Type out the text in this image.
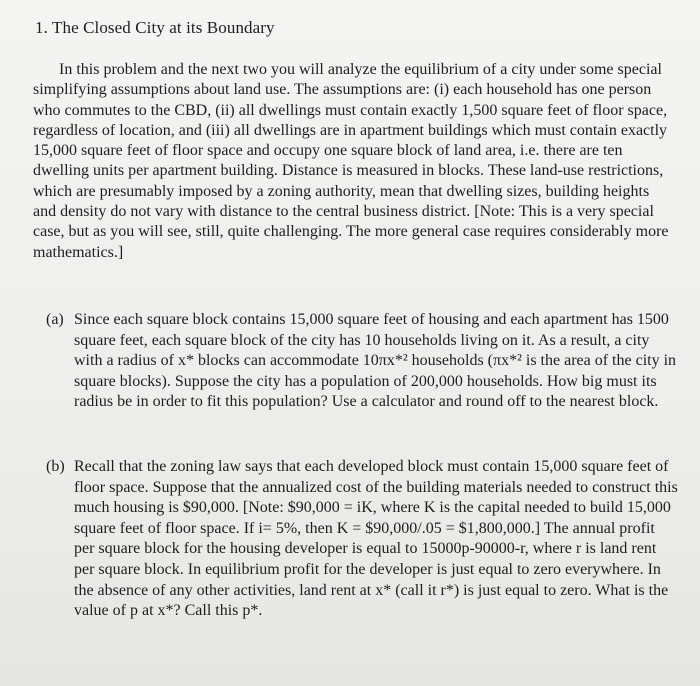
1. The Closed City at its Boundary

In this problem and the next two you will analyze the equilibrium of a city under some special simplifying assumptions about land use. The assumptions are: (i) each household has one person who commutes to the CBD, (ii) all dwellings must contain exactly 1,500 square feet of floor space, regardless of location, and (iii) all dwellings are in apartment buildings which must contain exactly 15,000 square feet of floor space and occupy one square block of land area, i.e. there are ten dwelling units per apartment building. Distance is measured in blocks. These land-use restrictions, which are presumably imposed by a zoning authority, mean that dwelling sizes, building heights and density do not vary with distance to the central business district. [Note: This is a very special case, but as you will see, still, quite challenging. The more general case requires considerably more mathematics.]

(a) Since each square block contains 15,000 square feet of housing and each apartment has 1500 square feet, each square block of the city has 10 households living on it. As a result, a city with a radius of x* blocks can accommodate 10πx*² households (πx*² is the area of the city in square blocks). Suppose the city has a population of 200,000 households. How big must its radius be in order to fit this population? Use a calculator and round off to the nearest block.
(b) Recall that the zoning law says that each developed block must contain 15,000 square feet of floor space. Suppose that the annualized cost of the building materials needed to construct this much housing is $90,000. [Note: $90,000 = iK, where K is the capital needed to build 15,000 square feet of floor space. If i= 5%, then K = $90,000/.05 = $1,800,000.] The annual profit per square block for the housing developer is equal to 15000p-90000-r, where r is land rent per square block. In equilibrium profit for the developer is just equal to zero everywhere. In the absence of any other activities, land rent at x* (call it r*) is just equal to zero. What is the value of p at x*? Call this p*.
